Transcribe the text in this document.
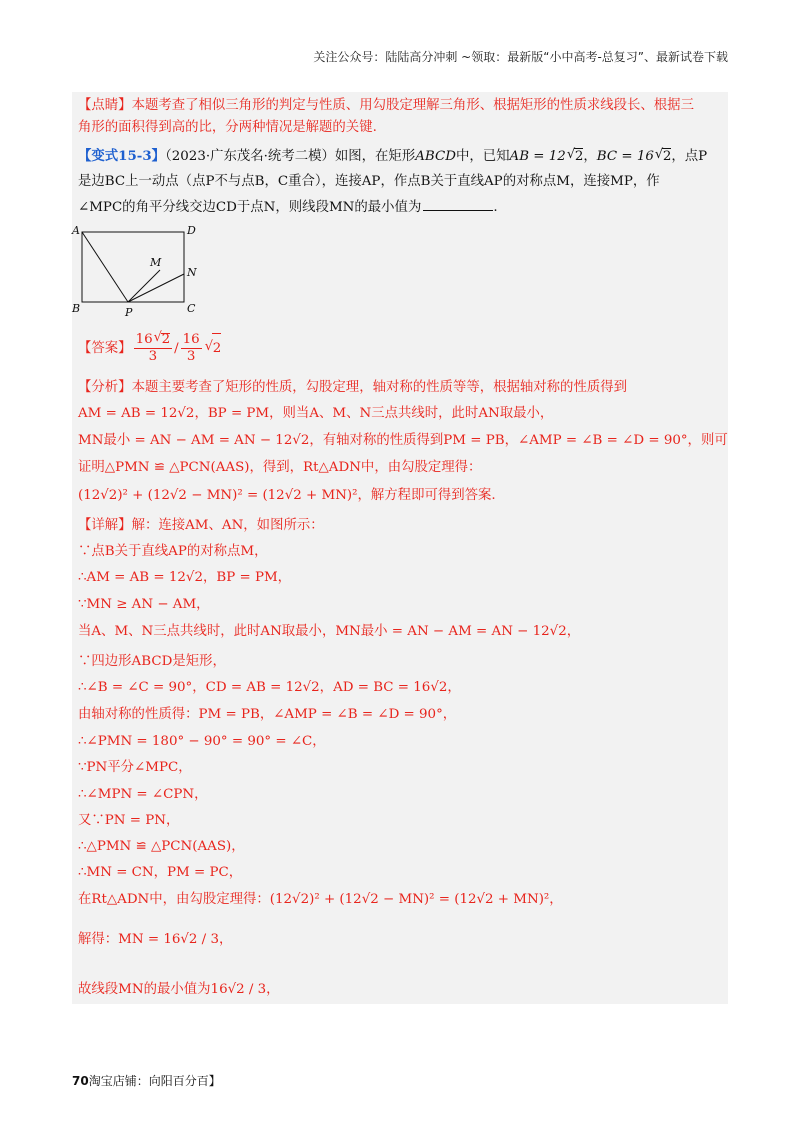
关注公众号：陆陆高分冲刺 ~领取：最新版“小中高考-总复习”、最新试卷下载
【点睛】本题考查了相似三角形的判定与性质、用勾股定理解三角形、根据矩形的性质求线段长、根据三
角形的面积得到高的比，分两种情况是解题的关键.
【变式15-3】（2023·广东茂名·统考二模）如图，在矩形ABCD中，已知AB = 12 √ 2，BC = 16 √ 2，点P
是边BC上一动点（点P不与点B，C重合），连接AP，作点B关于直线AP的对称点M，连接MP，作
∠MPC的角平分线交边CD于点N，则线段MN的最小值为	.
A	D
M
N
B	P	C
【答案】 $\frac{16 √ 2}{3} / \frac{16}{3}$ √ 2
【分析】本题主要考查了矩形的性质，勾股定理，轴对称的性质等等，根据轴对称的性质得到
AM = AB = 12√2，BP = PM，则当A、M、N三点共线时，此时AN取最小，
MN最小 = AN − AM = AN − 12√2，有轴对称的性质得到PM = PB，∠AMP = ∠B = ∠D = 90°，则可
证明△PMN ≌ △PCN(AAS)，得到，Rt△ADN中，由勾股定理得：
(12√2)² + (12√2 − MN)² = (12√2 + MN)²，解方程即可得到答案.
【详解】解：连接AM、AN，如图所示：
∵点B关于直线AP的对称点M，
∴AM = AB = 12√2，BP = PM，
∵MN ≥ AN − AM，
当A、M、N三点共线时，此时AN取最小，MN最小 = AN − AM = AN − 12√2，
∵四边形ABCD是矩形，
∴∠B = ∠C = 90°，CD = AB = 12√2，AD = BC = 16√2，
由轴对称的性质得：PM = PB，∠AMP = ∠B = ∠D = 90°，
∴∠PMN = 180° − 90° = 90° = ∠C，
∵PN平分∠MPC，
∴∠MPN = ∠CPN，
又∵PN = PN，
∴△PMN ≌ △PCN(AAS)，
∴MN = CN，PM = PC，
在Rt△ADN中，由勾股定理得：(12√2)² + (12√2 − MN)² = (12√2 + MN)²，
解得：MN = 16√2 / 3，
故线段MN的最小值为16√2 / 3，
70淘宝店铺：向阳百分百】
